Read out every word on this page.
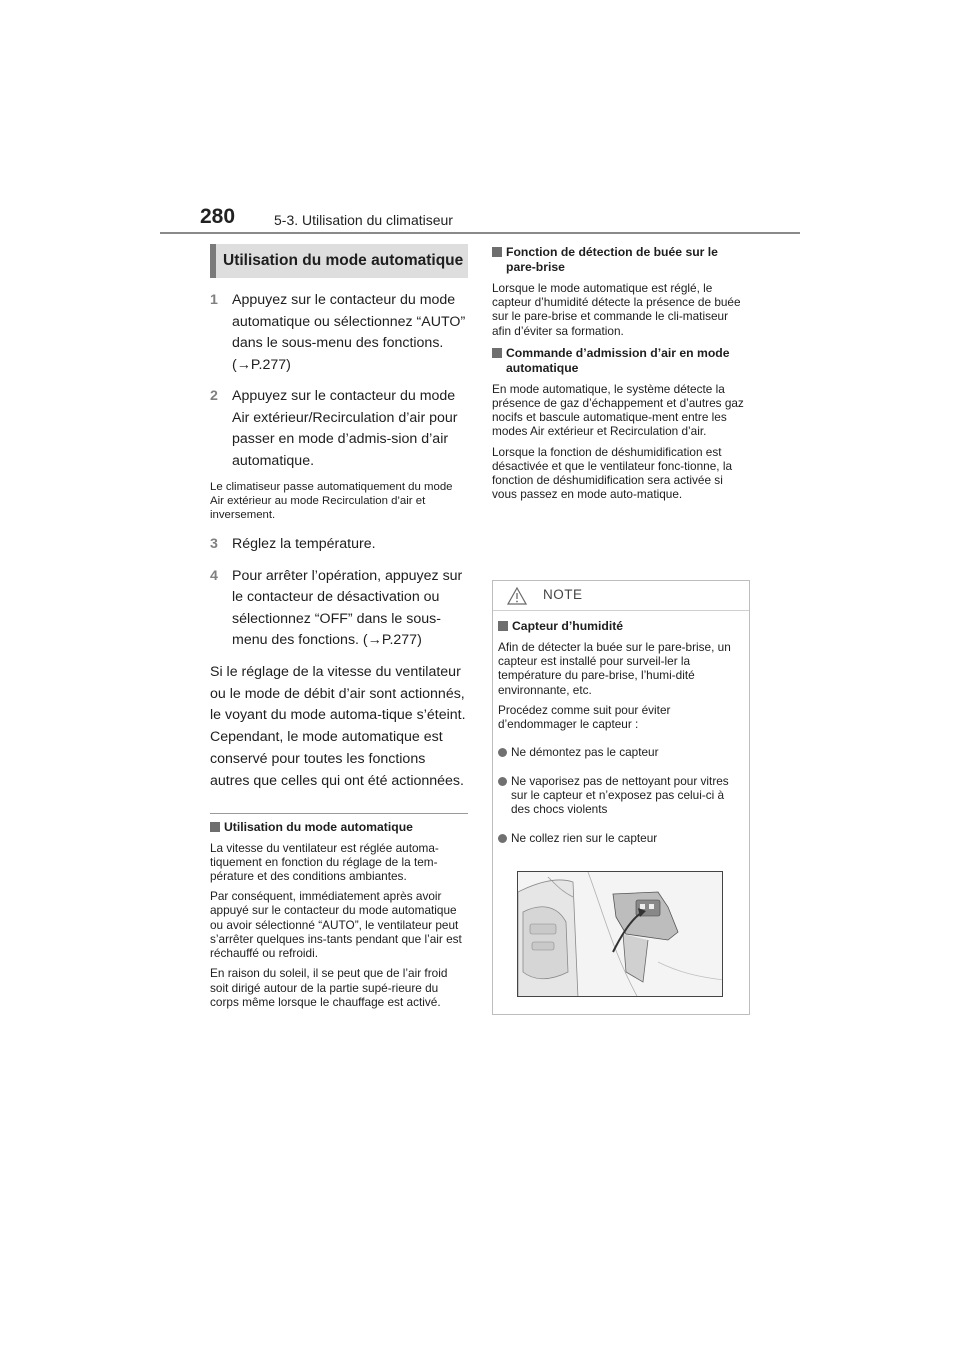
280	5-3. Utilisation du climatiseur
Utilisation du mode automatique
1 Appuyez sur le contacteur du mode automatique ou sélectionnez “AUTO” dans le sous-menu des fonctions. (→P.277)
2 Appuyez sur le contacteur du mode Air extérieur/Recirculation d’air pour passer en mode d’admis-sion d’air automatique.
Le climatiseur passe automatiquement du mode Air extérieur au mode Recirculation d’air et inversement.
3 Réglez la température.
4 Pour arrêter l’opération, appuyez sur le contacteur de désactivation ou sélectionnez “OFF” dans le sous-menu des fonctions. (→P.277)
Si le réglage de la vitesse du ventilateur ou le mode de débit d’air sont actionnés, le voyant du mode automa-tique s’éteint. Cependant, le mode automatique est conservé pour toutes les fonctions autres que celles qui ont été actionnées.
Utilisation du mode automatique
La vitesse du ventilateur est réglée automa-tiquement en fonction du réglage de la tem-pérature et des conditions ambiantes.
Par conséquent, immédiatement après avoir appuyé sur le contacteur du mode automatique ou avoir sélectionné “AUTO”, le ventilateur peut s’arrêter quelques ins-tants pendant que l’air est réchauffé ou refroidi.
En raison du soleil, il se peut que de l’air froid soit dirigé autour de la partie supé-rieure du corps même lorsque le chauffage est activé.
Fonction de détection de buée sur le pare-brise
Lorsque le mode automatique est réglé, le capteur d’humidité détecte la présence de buée sur le pare-brise et commande le cli-matiseur afin d’éviter sa formation.
Commande d’admission d’air en mode automatique
En mode automatique, le système détecte la présence de gaz d’échappement et d’autres gaz nocifs et bascule automatique-ment entre les modes Air extérieur et Recirculation d’air.
Lorsque la fonction de déshumidification est désactivée et que le ventilateur fonc-tionne, la fonction de déshumidification sera activée si vous passez en mode auto-matique.
NOTE
Capteur d’humidité
Afin de détecter la buée sur le pare-brise, un capteur est installé pour surveil-ler la température du pare-brise, l’humi-dité environnante, etc.
Procédez comme suit pour éviter d’endommager le capteur :
Ne démontez pas le capteur
Ne vaporisez pas de nettoyant pour vitres sur le capteur et n’exposez pas celui-ci à des chocs violents
Ne collez rien sur le capteur
